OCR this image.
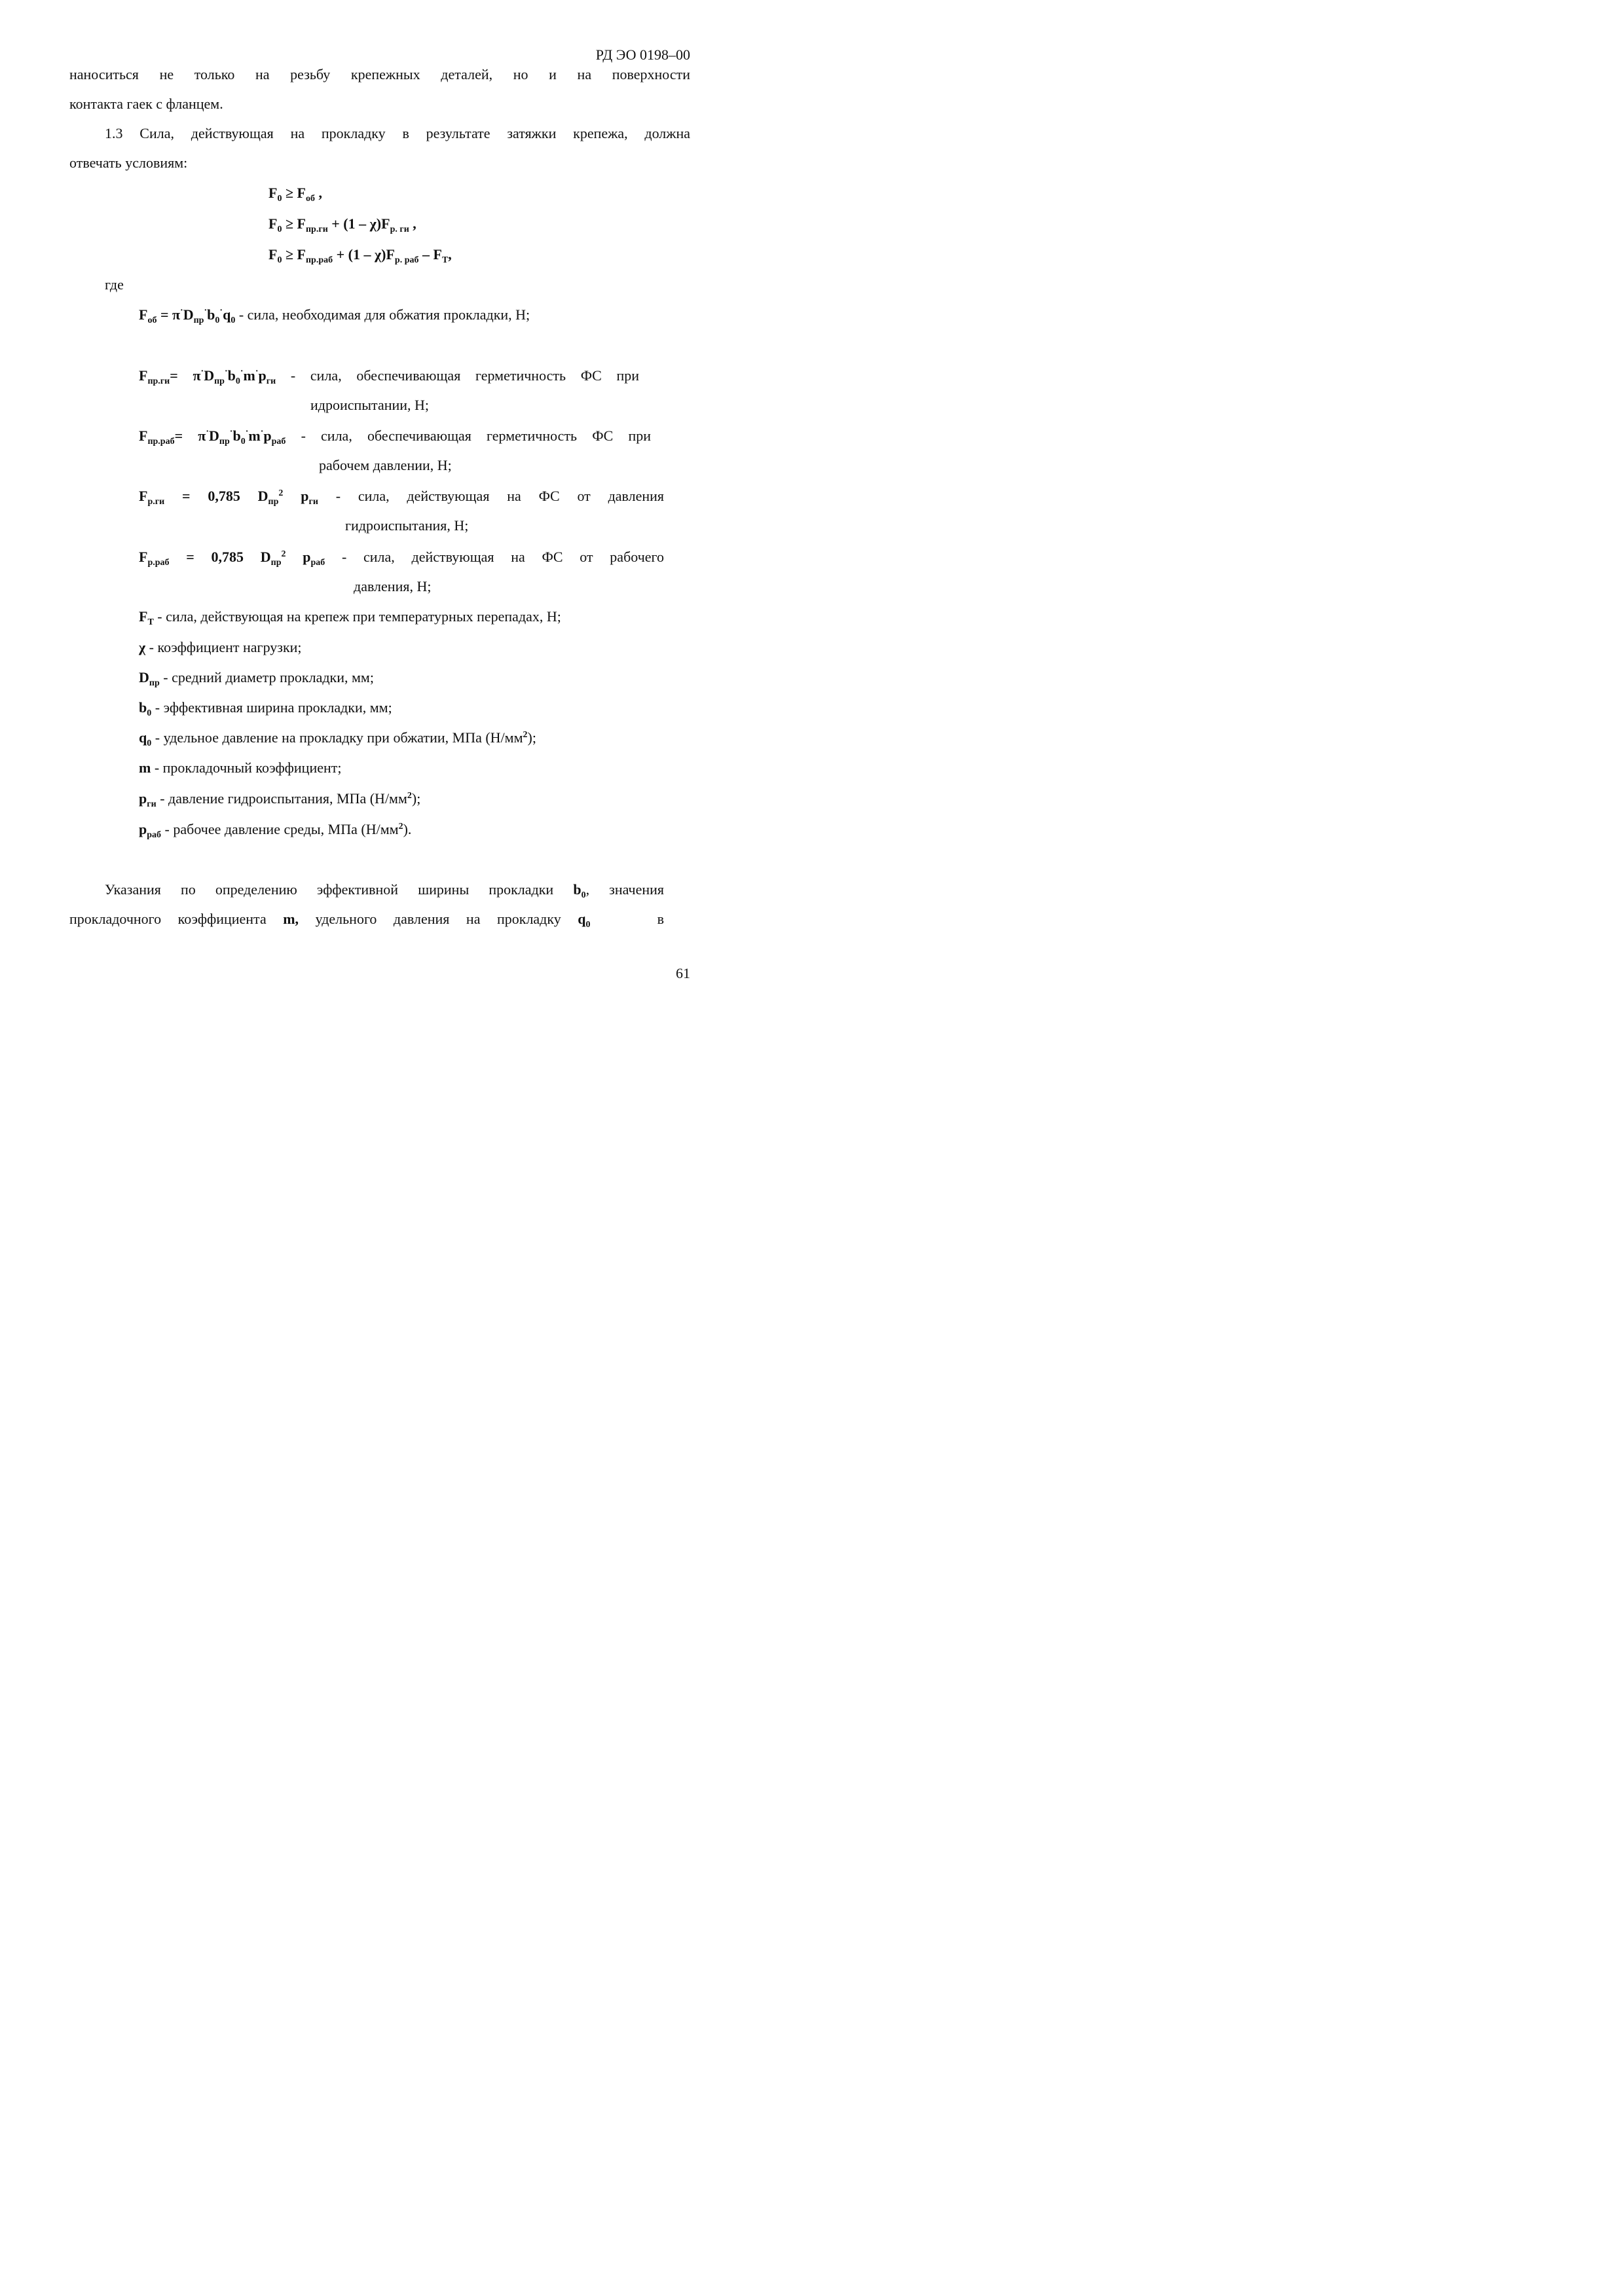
РД ЭО 0198–00
наноситься не только на резьбу крепежных деталей, но и на поверхности
контакта гаек с фланцем.
1.3 Сила, действующая на прокладку в результате затяжки крепежа, должна
отвечать условиям:
$F_0 \ge F_{об}$ ,
$F_0 \ge F_{пр.ги} + (1 - \chi)F_{р. ги}$ ,
$F_0 \ge F_{пр.раб} + (1 - \chi)F_{р. раб} - F_T$,
где
$F_{об} = \pi^\cdot D_{пр}^\cdot b_0^\cdot q_0$ - сила, необходимая для обжатия прокладки, Н;
$F_{пр.ги}= \pi^\cdot D_{пр}^\cdot b_0^\cdot m^\cdot p_{ги}$ - сила, обеспечивающая герметичность ФС при
идроиспытании, Н;
$F_{пр.раб}= \pi^\cdot D_{пр}^\cdot b_0^\cdot m^\cdot p_{раб}$ - сила, обеспечивающая герметичность ФС при
рабочем давлении, Н;
$F_{р.ги} = 0,785$ $D_{пр}^2$ $p_{ги}$ - сила, действующая на ФС от давления
гидроиспытания, Н;
$F_{р.раб} = 0,785$ $D_{пр}^2$ $p_{раб}$ - сила, действующая на ФС от рабочего
давления, Н;
$F_T$ - сила, действующая на крепеж при температурных перепадах, Н;
χ - коэффициент нагрузки;
$D_{пр}$ - средний диаметр прокладки, мм;
$b_0$ - эффективная ширина прокладки, мм;
$q_0$ - удельное давление на прокладку при обжатии, МПа $(Н/мм^2)$;
m - прокладочный коэффициент;
$p_{ги}$ - давление гидроиспытания, МПа $(Н/мм^2)$;
$p_{раб}$ - рабочее давление среды, МПа $(Н/мм^2)$.
Указания по определению эффективной ширины прокладки $b_0$, значения
прокладочного коэффициента m, удельного давления на прокладку $q_0$	в
61
